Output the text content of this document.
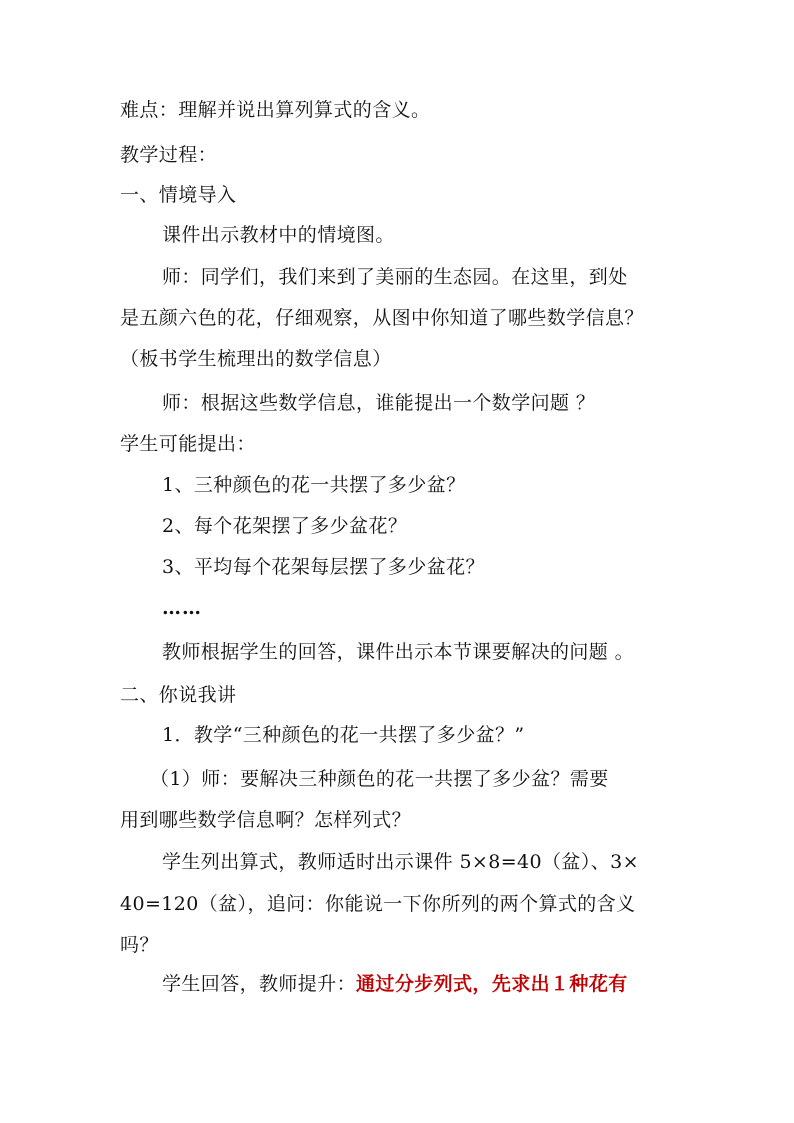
难点：理解并说出算列算式的含义。
教学过程：
一、情境导入
课件出示教材中的情境图。
师：同学们，我们来到了美丽的生态园。在这里，到处
是五颜六色的花，仔细观察，从图中你知道了哪些数学信息？
（板书学生梳理出的数学信息）
师：根据这些数学信息，谁能提出一个数学问题 ？
学生可能提出：
1、三种颜色的花一共摆了多少盆？
2、每个花架摆了多少盆花？
3、平均每个花架每层摆了多少盆花？
……
教师根据学生的回答，课件出示本节课要解决的问题 。
二、你说我讲
1．教学“三种颜色的花一共摆了多少盆？”
（1）师：要解决三种颜色的花一共摆了多少盆？需要
用到哪些数学信息啊？怎样列式？
学生列出算式，教师适时出示课件 5×8=40（盆）、3×
40=120（盆），追问：你能说一下你所列的两个算式的含义
吗？
学生回答，教师提升：通过分步列式，先求出１种花有
